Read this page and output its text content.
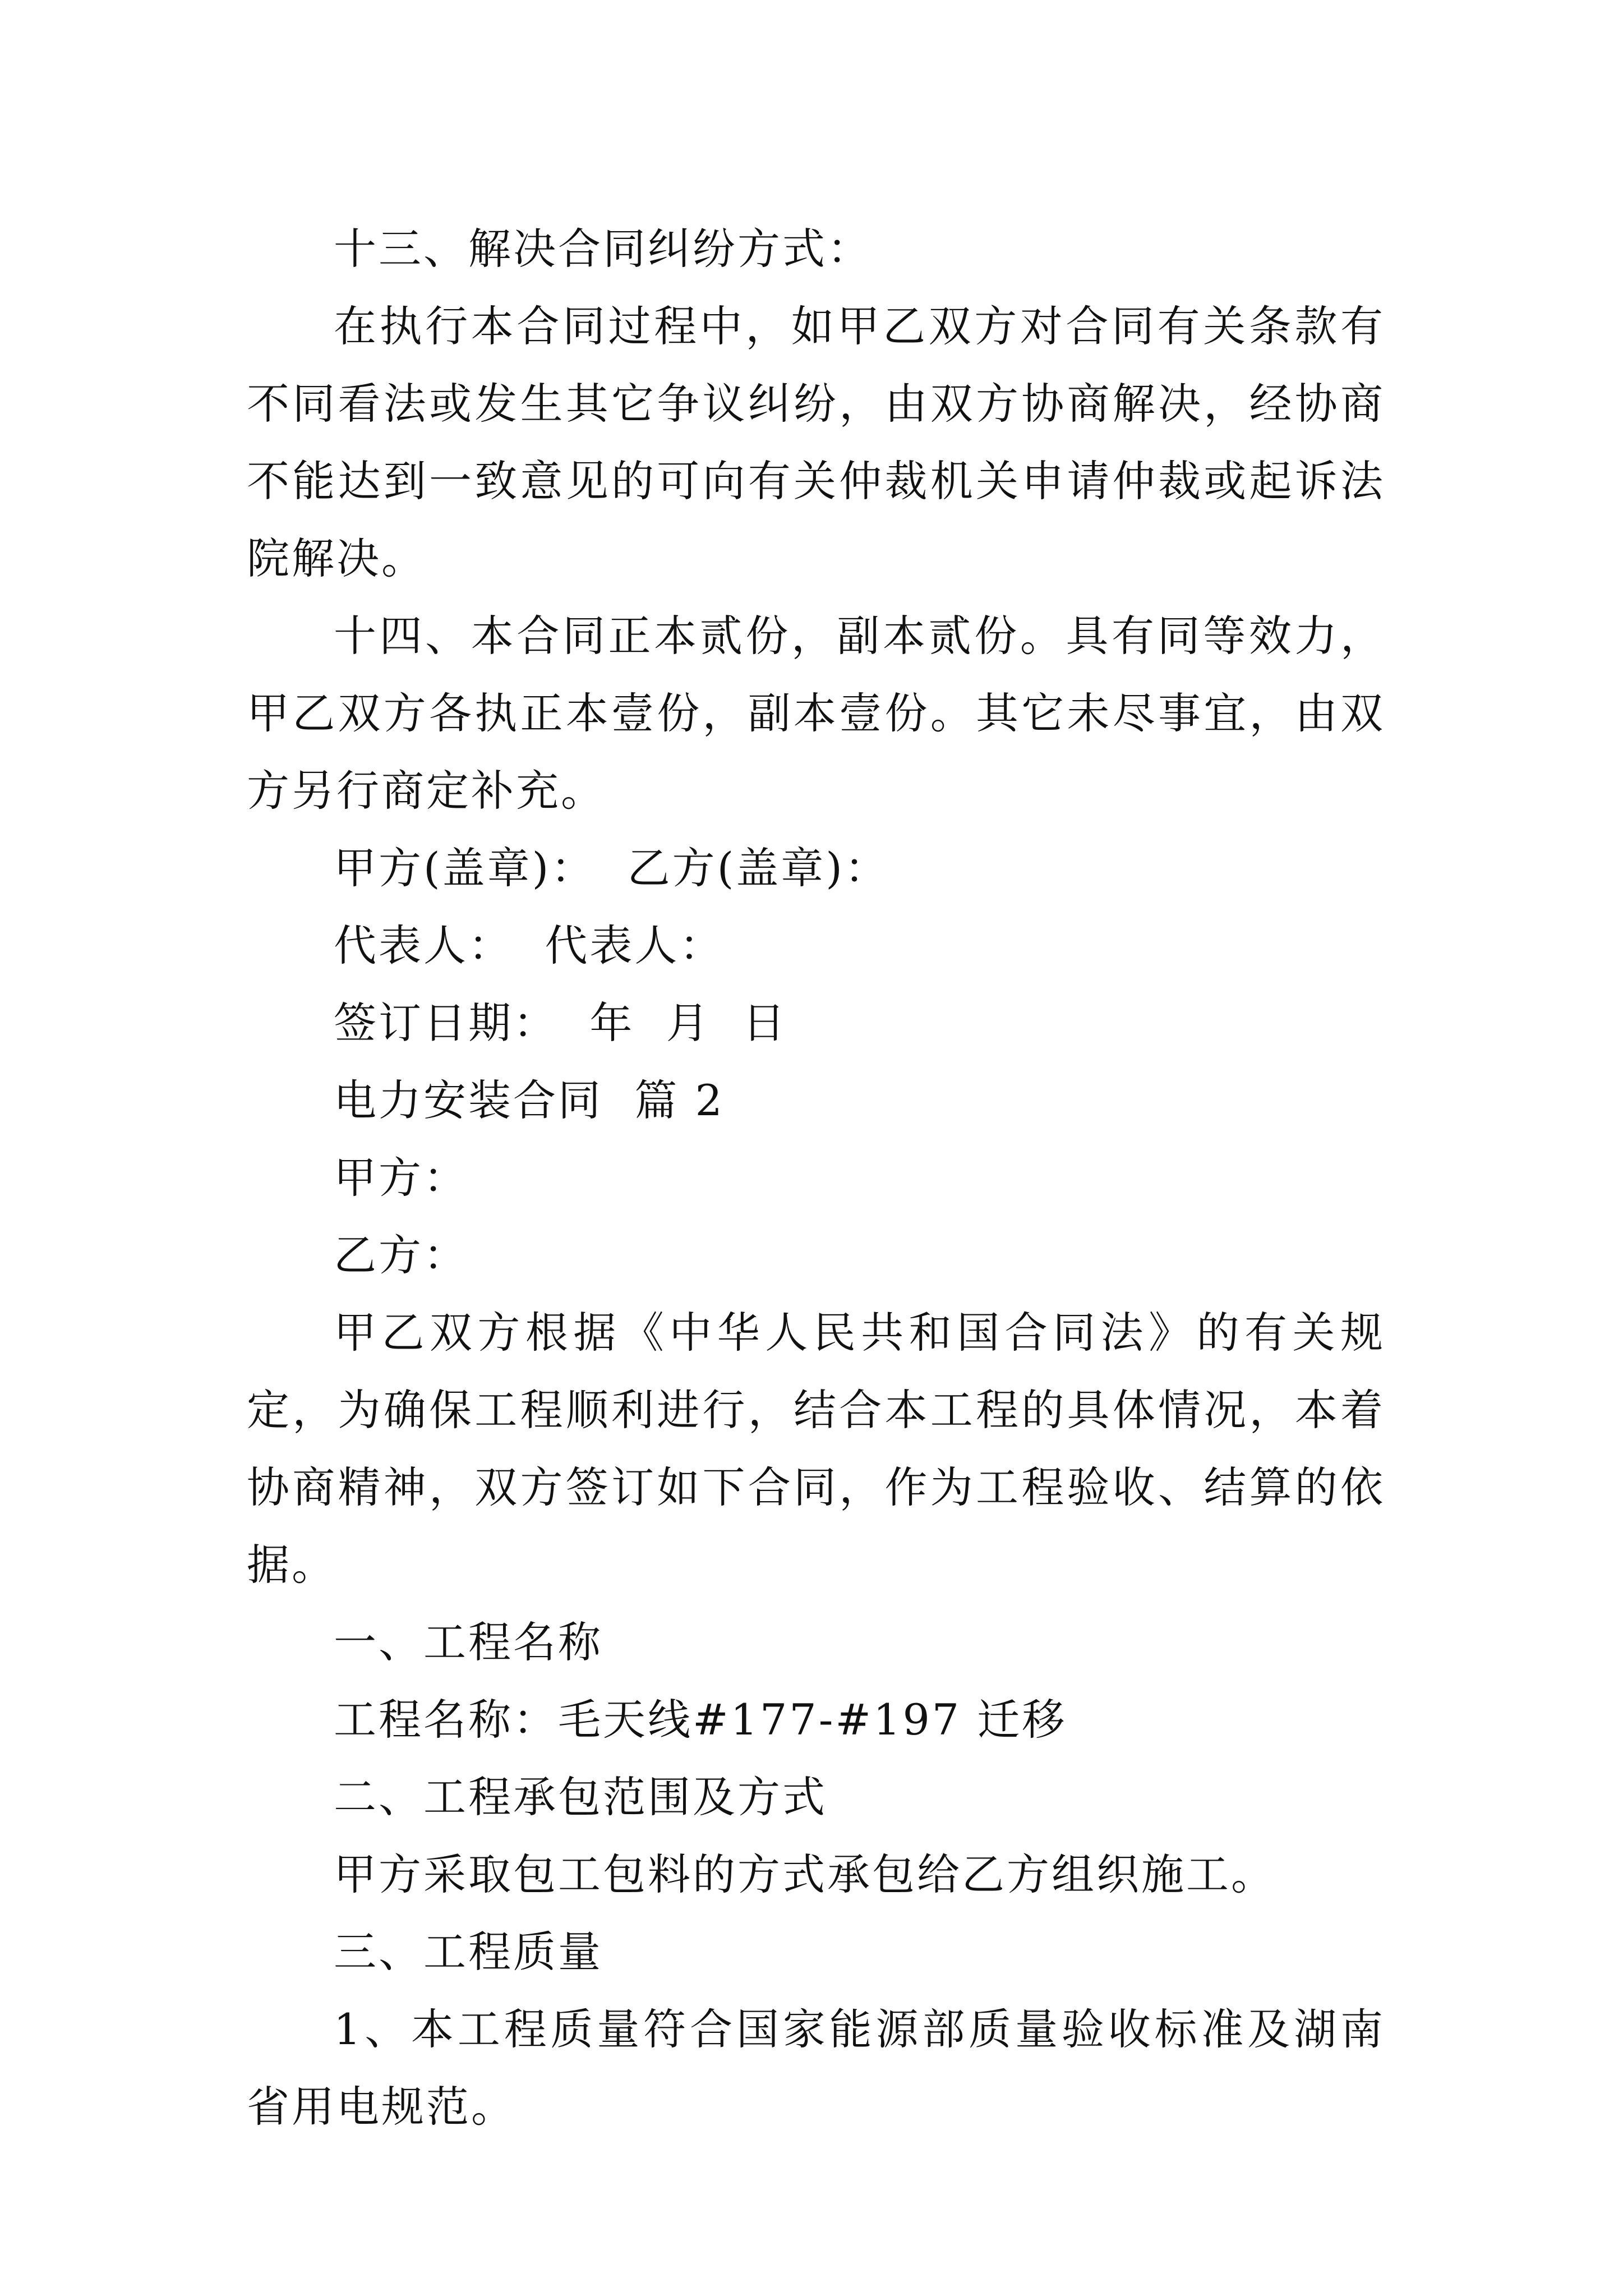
十三、解决合同纠纷方式：

在执行本合同过程中，如甲乙双方对合同有关条款有不同看法或发生其它争议纠纷，由双方协商解决，经协商不能达到一致意见的可向有关仲裁机关申请仲裁或起诉法院解决。

十四、本合同正本贰份，副本贰份。具有同等效力，甲乙双方各执正本壹份，副本壹份。其它未尽事宜，由双方另行商定补充。

甲方(盖章)：  乙方(盖章)：

代表人：  代表人：

签订日期：  年  月  日

电力安装合同  篇 2

甲方：

乙方：

甲乙双方根据《中华人民共和国合同法》的有关规定，为确保工程顺利进行，结合本工程的具体情况，本着协商精神，双方签订如下合同，作为工程验收、结算的依据。

一、工程名称

工程名称：毛天线#177-#197 迁移

二、工程承包范围及方式

甲方采取包工包料的方式承包给乙方组织施工。

三、工程质量

1、本工程质量符合国家能源部质量验收标准及湖南省用电规范。
